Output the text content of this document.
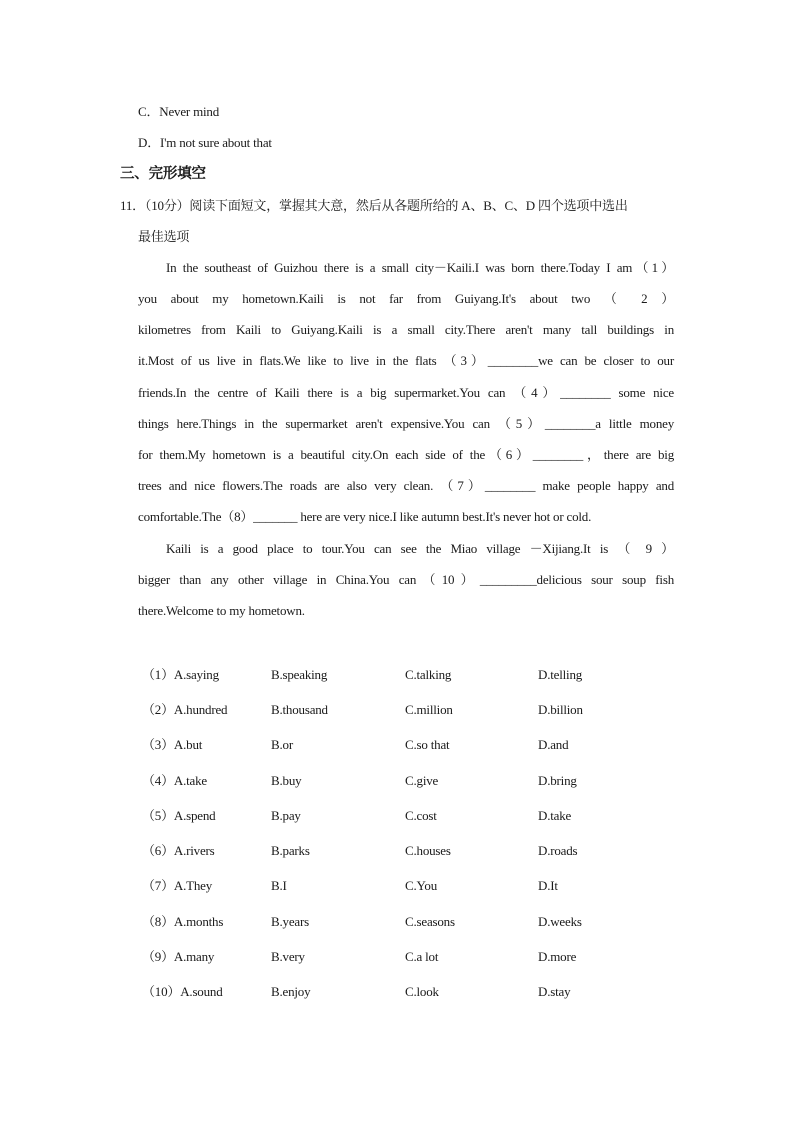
C．Never mind
D．I'm not sure about that
三、完形填空
11．（10分）阅读下面短文，掌握其大意，然后从各题所给的 A、B、C、D 四个选项中选出
最佳选项
In the southeast of Guizhou there is a small city－Kaili.I was born there.Today I am（1）
you about my hometown.Kaili is not far from Guiyang.It's about two （ 2 ）
kilometres from Kaili to Guiyang.Kaili is a small city.There aren't many tall buildings in
it.Most of us live in flats.We like to live in the flats （3）________we can be closer to our
friends.In the centre of Kaili there is a big supermarket.You can （4）________ some nice
things here.Things in the supermarket aren't expensive.You can （5）________a little money
for them.My hometown is a beautiful city.On each side of the（6）________，there are big
trees and nice flowers.The roads are also very clean. （7）________ make people happy and
comfortable.The（8）_______ here are very nice.I like autumn best.It's never hot or cold.
Kaili is a good place to tour.You can see the Miao village －Xijiang.It is （ 9 ）
bigger than any other village in China.You can（10）_________delicious sour soup fish
there.Welcome to my hometown.
（1）A.saying	B.speaking	C.talking	D.telling
（2）A.hundred	B.thousand	C.million	D.billion
（3）A.but	B.or	C.so that	D.and
（4）A.take	B.buy	C.give	D.bring
（5）A.spend	B.pay	C.cost	D.take
（6）A.rivers	B.parks	C.houses	D.roads
（7）A.They	B.I	C.You	D.It
（8）A.months	B.years	C.seasons	D.weeks
（9）A.many	B.very	C.a lot	D.more
（10）A.sound	B.enjoy	C.look	D.stay
